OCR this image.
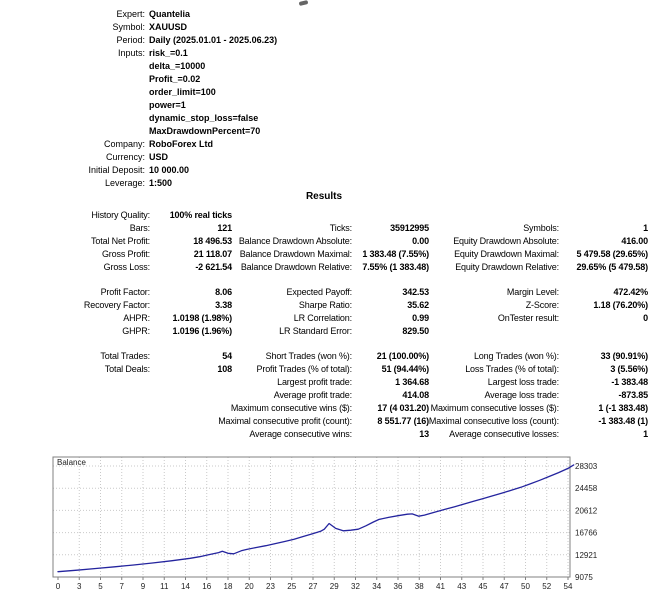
Expert: Quantelia
Symbol: XAUUSD
Period: Daily (2025.01.01 - 2025.06.23)
Inputs: risk_=0.1
delta_=10000
Profit_=0.02
order_limit=100
power=1
dynamic_stop_loss=false
MaxDrawdownPercent=70
Company: RoboForex Ltd
Currency: USD
Initial Deposit: 10 000.00
Leverage: 1:500
Results
History Quality: 100% real ticks
Bars:	121	Ticks:	35912995	Symbols:	1
Total Net Profit:	18 496.53 Balance Drawdown Absolute:	0.00	Equity Drawdown Absolute:	416.00
Gross Profit:	21 118.07 Balance Drawdown Maximal: 1 383.48 (7.55%)	Equity Drawdown Maximal: 5 479.58 (29.65%)
Gross Loss:	-2 621.54 Balance Drawdown Relative: 7.55% (1 383.48)	Equity Drawdown Relative: 29.65% (5 479.58)
Profit Factor:	8.06	Expected Payoff:	342.53	Margin Level:	472.42%
Recovery Factor:	3.38	Sharpe Ratio:	35.62	Z-Score:	1.18 (76.20%)
AHPR:	1.0198 (1.98%)	LR Correlation:	0.99	OnTester result:	0
GHPR:	1.0196 (1.96%)	LR Standard Error:	829.50
Total Trades:	54	Short Trades (won %):	21 (100.00%)	Long Trades (won %):	33 (90.91%)
Total Deals:	108	Profit Trades (% of total):	51 (94.44%)	Loss Trades (% of total):	3 (5.56%)
Largest profit trade:	1 364.68	Largest loss trade:	-1 383.48
Average profit trade:	414.08	Average loss trade:	-873.85
Maximum consecutive wins ($):	17 (4 031.20) Maximum consecutive losses ($):	1 (-1 383.48)
Maximal consecutive profit (count):	8 551.77 (16) Maximal consecutive loss (count):	-1 383.48 (1)
Average consecutive wins:	13 Average consecutive losses:	1
9075
12921
16766
20612
24458
28303
0 3 5 7 9 11 14 16 18 20 23 25 27 29 32 34 36 38 41 43 45 47 50 52 54
Balance
